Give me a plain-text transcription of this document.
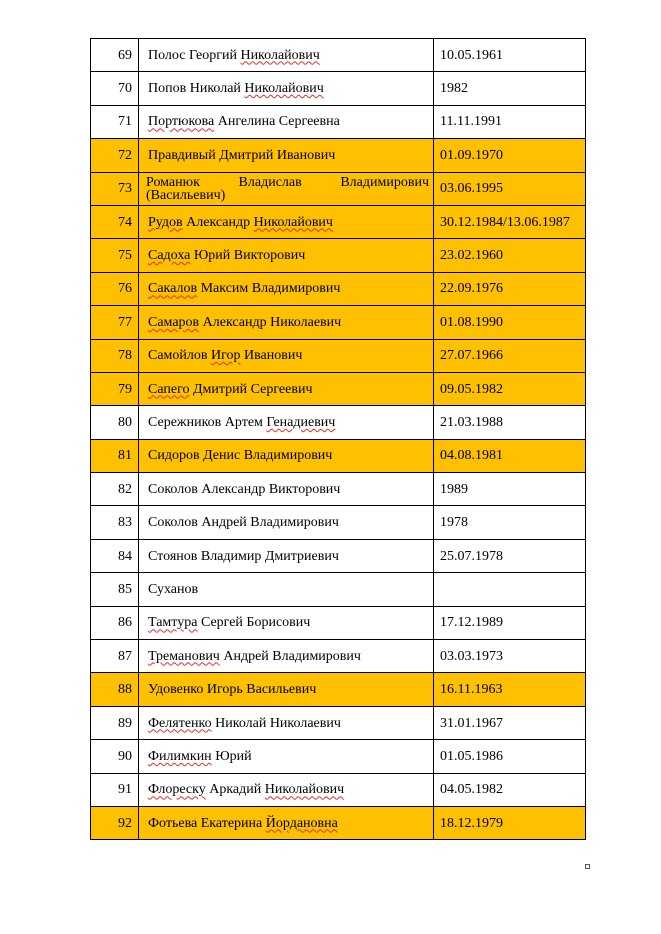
69	Полос Георгий Николайович	10.05.1961
70	Попов Николай Николайович	1982
71	Портюкова Ангелина Сергеевна	11.11.1991
72	Правдивый Дмитрий Иванович	01.09.1970
73	Романюк Владислав Владимирович (Васильевич)	03.06.1995
74	Рудов Александр Николайович	30.12.1984/13.06.1987
75	Садоха Юрий Викторович	23.02.1960
76	Сакалов Максим Владимирович	22.09.1976
77	Самаров Александр Николаевич	01.08.1990
78	Самойлов Игор Иванович	27.07.1966
79	Сапего Дмитрий Сергеевич	09.05.1982
80	Сережников Артем Генадиевич	21.03.1988
81	Сидоров Денис Владимирович	04.08.1981
82	Соколов Александр Викторович	1989
83	Соколов Андрей Владимирович	1978
84	Стоянов Владимир Дмитриевич	25.07.1978
85	Суханов	
86	Тамтура Сергей Борисович	17.12.1989
87	Треманович Андрей Владимирович	03.03.1973
88	Удовенко Игорь Васильевич	16.11.1963
89	Фелятенко Николай Николаевич	31.01.1967
90	Филимкин Юрий	01.05.1986
91	Флореску Аркадий Николайович	04.05.1982
92	Фотьева Екатерина Йордановна	18.12.1979
